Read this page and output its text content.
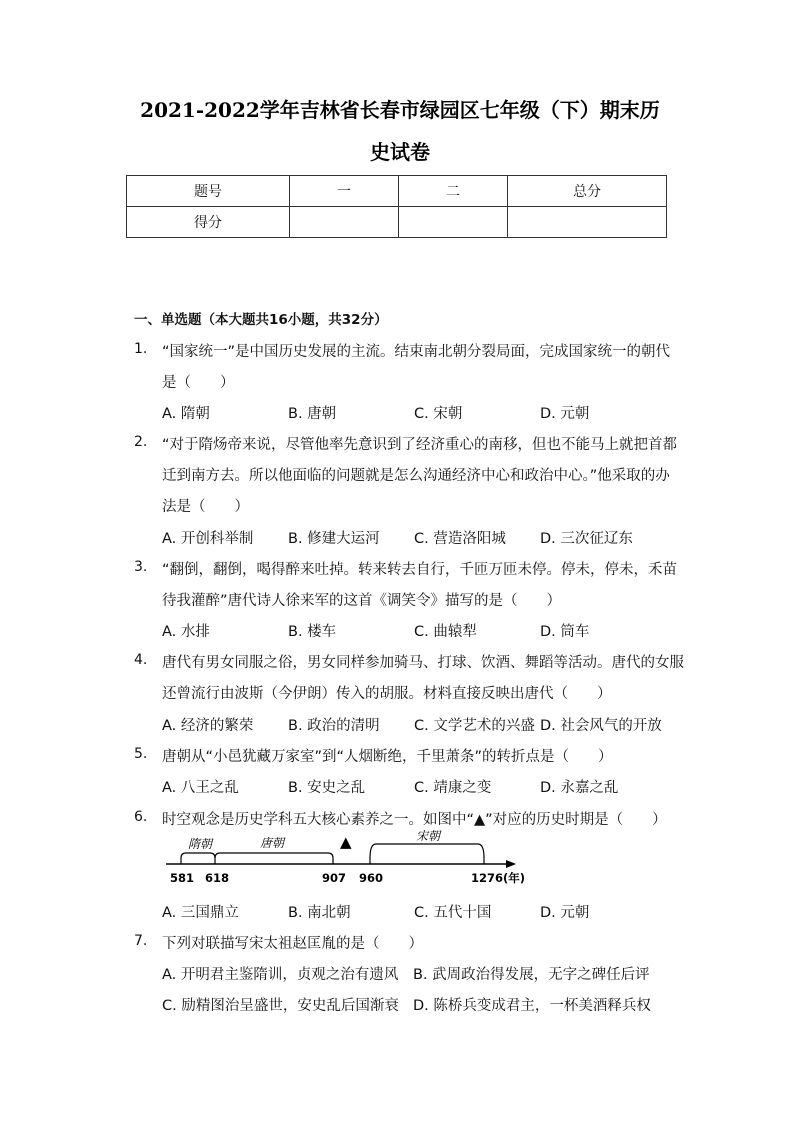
2021-2022学年吉林省长春市绿园区七年级（下）期末历
史试卷
题号	一	二	总分
得分			
一、单选题（本大题共16小题，共32分）
1. “国家统一”是中国历史发展的主流。结束南北朝分裂局面，完成国家统一的朝代
是（　　）
A. 隋朝	B. 唐朝	C. 宋朝	D. 元朝
2. “对于隋炀帝来说，尽管他率先意识到了经济重心的南移，但也不能马上就把首都
迁到南方去。所以他面临的问题就是怎么沟通经济中心和政治中心。”他采取的办
法是（　　）
A. 开创科举制 B. 修建大运河 C. 营造洛阳城 D. 三次征辽东
3. “翻倒，翻倒，喝得醉来吐掉。转来转去自行，千匝万匝未停。停未，停未，禾苗
待我灌醉”唐代诗人徐来军的这首《调笑令》描写的是（　　）
A. 水排	B. 楼车	C. 曲辕犁	D. 筒车
4. 唐代有男女同服之俗，男女同样参加骑马、打球、饮酒、舞蹈等活动。唐代的女服
还曾流行由波斯（今伊朗）传入的胡服。材料直接反映出唐代（　　）
A. 经济的繁荣 B. 政治的清明 C. 文学艺术的兴盛 D. 社会风气的开放
5. 唐朝从“小邑犹藏万家室”到“人烟断绝，千里萧条”的转折点是（　　）
A. 八王之乱	B. 安史之乱	C. 靖康之变	D. 永嘉之乱
6. 时空观念是历史学科五大核心素养之一。如图中“▲”对应的历史时期是（　　）
隋朝	唐朝	宋朝
▲
581 618	907 960	1276 (年)
A. 三国鼎立	B. 南北朝	C. 五代十国	D. 元朝
7. 下列对联描写宋太祖赵匡胤的是（　　）
A. 开明君主鉴隋训，贞观之治有遗风 B. 武周政治得发展，无字之碑任后评
C. 励精图治呈盛世，安史乱后国渐衰 D. 陈桥兵变成君主，一杯美酒释兵权
